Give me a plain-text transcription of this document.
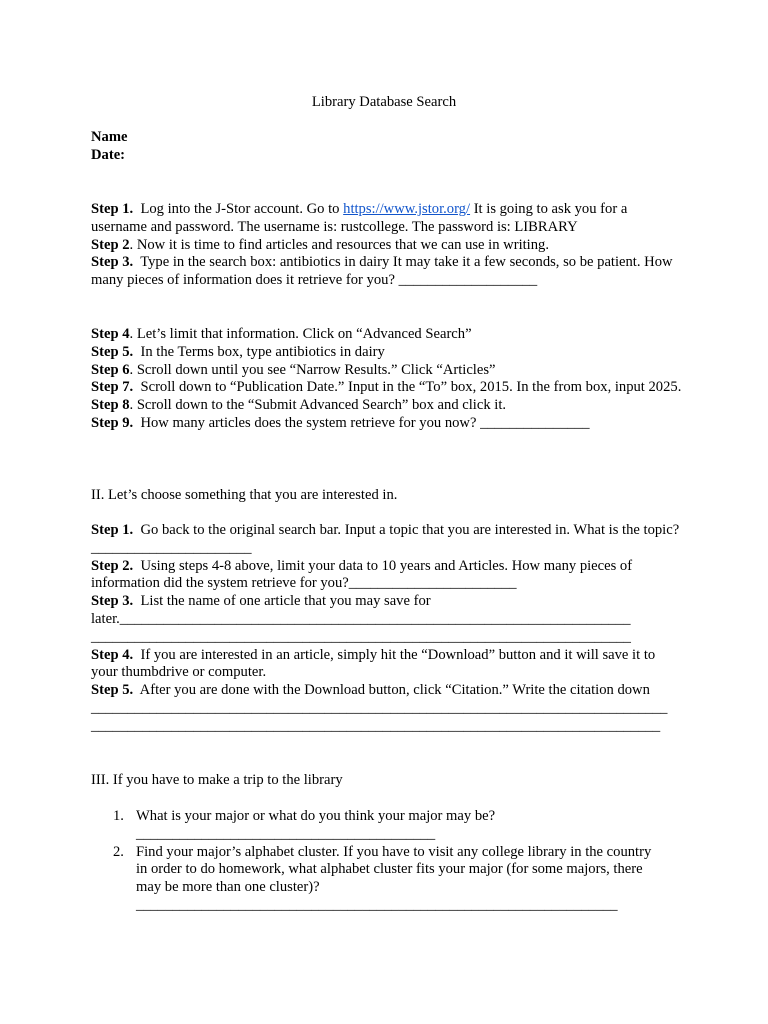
Library Database Search
Name
Date:
Step 1. Log into the J-Stor account. Go to https://www.jstor.org/ It is going to ask you for a username and password. The username is: rustcollege. The password is: LIBRARY
Step 2. Now it is time to find articles and resources that we can use in writing.
Step 3. Type in the search box: antibiotics in dairy It may take it a few seconds, so be patient. How many pieces of information does it retrieve for you? ___________________
Step 4. Let’s limit that information. Click on “Advanced Search”
Step 5. In the Terms box, type antibiotics in dairy
Step 6. Scroll down until you see “Narrow Results.” Click “Articles”
Step 7. Scroll down to “Publication Date.” Input in the “To” box, 2015. In the from box, input 2025.
Step 8. Scroll down to the “Submit Advanced Search” box and click it.
Step 9. How many articles does the system retrieve for you now? _______________
II. Let’s choose something that you are interested in.
Step 1. Go back to the original search bar. Input a topic that you are interested in. What is the topic?______________________
Step 2. Using steps 4-8 above, limit your data to 10 years and Articles. How many pieces of information did the system retrieve for you?_______________________
Step 3. List the name of one article that you may save for
later.______________________________________________________________________
__________________________________________________________________________
Step 4. If you are interested in an article, simply hit the “Download” button and it will save it to your thumbdrive or computer.
Step 5. After you are done with the Download button, click “Citation.” Write the citation down
_______________________________________________________________________________
______________________________________________________________________________
III. If you have to make a trip to the library
1. What is your major or what do you think your major may be?
_________________________________________
2. Find your major’s alphabet cluster. If you have to visit any college library in the country in order to do homework, what alphabet cluster fits your major (for some majors, there may be more than one cluster)?
__________________________________________________________________
